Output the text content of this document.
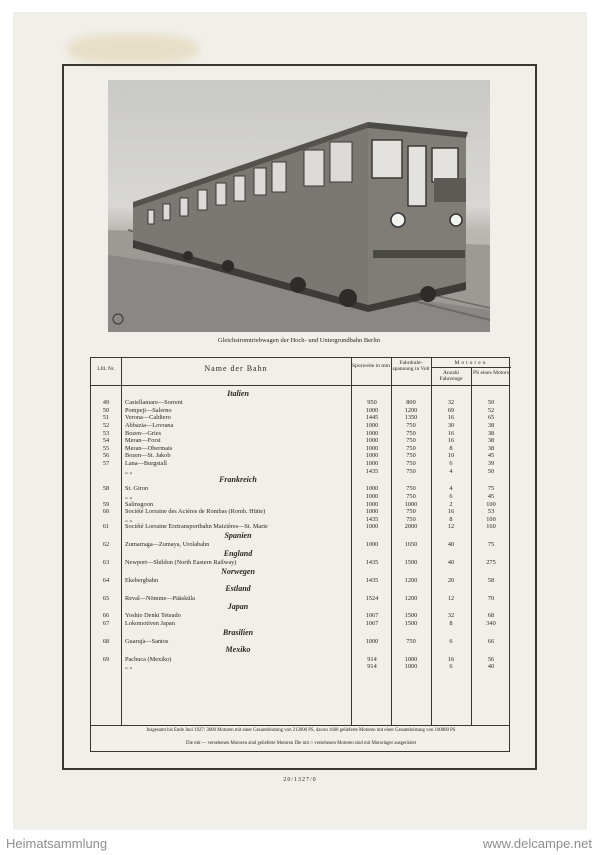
Gleichstromtriebwagen der Hoch- und Untergrundbahn Berlin
Lfd. Nr.	Name der Bahn	Spurweite in mm	Fahrdraht-spannung in Volt
Motoren
Anzahl Fahrzeuge
PS eines Motors
Italien
49	Castellamare—Sorrent	950	800	32	50
50	Pompeji—Salerno	1000	1200	69	52
51	Verona—Caldiero	1445	1350	16	65
52	Abbazia—Lovrana	1000	750	30	38
53	Bozen—Gries	1000	750	16	38
54	Meran—Forst	1000	750	16	38
55	Meran—Obermais	1000	750	8	38
56	Bozen—St. Jakob	1000	750	10	45
57	Lana—Burgstall	1000	750	6	39
„ „	1435	750	4	50
Frankreich
58	St. Giron	1000	750	4	75
„ „	1000	750	6	45
59	Salinsgoon	1000	1000	2	100
60	Société Lorraine des Aciéres de Rombas (Romb. Hütte)	1000	750	16	53
„ „	1435	750	8	100
61	Société Lorraine Erztransportbahn Maizières—St. Marie	1000	2000	12	160
Spanien
62	Zumarraga—Zumaya, Urolabahn	1000	1650	40	75
England
63	Newport—Shildon (North Eastern Railway)	1435	1500	40	275
Norwegen
64	Ekebergbahn	1435	1200	20	58
Estland
65	Reval—Nömme—Pääsküla	1524	1200	12	70
Japan
66	Yoshio Denki Tetsudo	1067	1500	32	68
67	Lokomotiven Japan	1067	1500	8	340
Brasilien
68	Guarujà—Santos	1000	750	6	66
Mexiko
69	Pachuca (Mexiko)	914	1000	16	56
„ „	914	1000	6	40
Insgesamt bis Ende Juni 1927: 3600 Motoren mit einer Gesamtleistung von 212000 PS, davon 1668 gelieferte Motoren mit einer Gesamtleistung von 100000 PS
Die mit — versehenen Motoren sind gelieferte Motoren Die mit ○ versehenen Motoren sind mit Motorlager ausgerüstet
20/1327/0
Heimatsammlung	www.delcampe.net
